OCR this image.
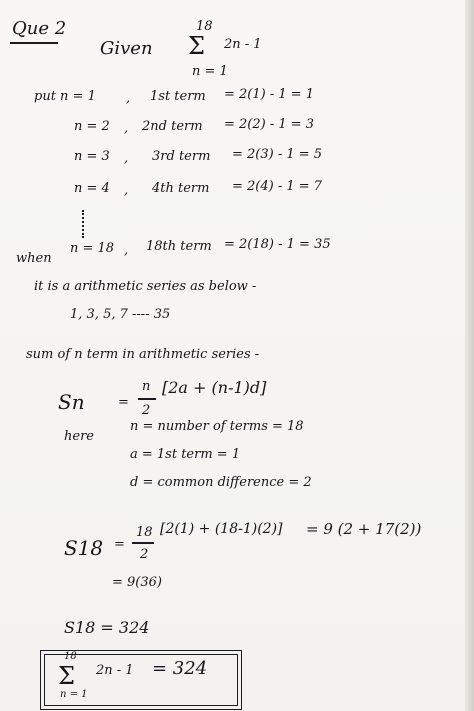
Que 2
Given
18
Σ 2n - 1
n = 1
put n = 1 , 1st term = 2(1) - 1 = 1
n = 2 , 2nd term = 2(2) - 1 = 3
n = 3 , 3rd term = 2(3) - 1 = 5
n = 4 , 4th term = 2(4) - 1 = 7
when
n = 18 , 18th term = 2(18) - 1 = 35
it is a arithmetic series as below -
1, 3, 5, 7 ---- 35
sum of n term in arithmetic series -
Sn	=
n
2
[2a + (n-1)d]
here
n = number of terms = 18
a = 1st term = 1
d = common difference = 2
S18 =
18
2
[2(1) + (18-1)(2)] = 9 (2 + 17(2))
= 9(36)
S18 = 324
18
Σ 2n - 1 = 324
n = 1
